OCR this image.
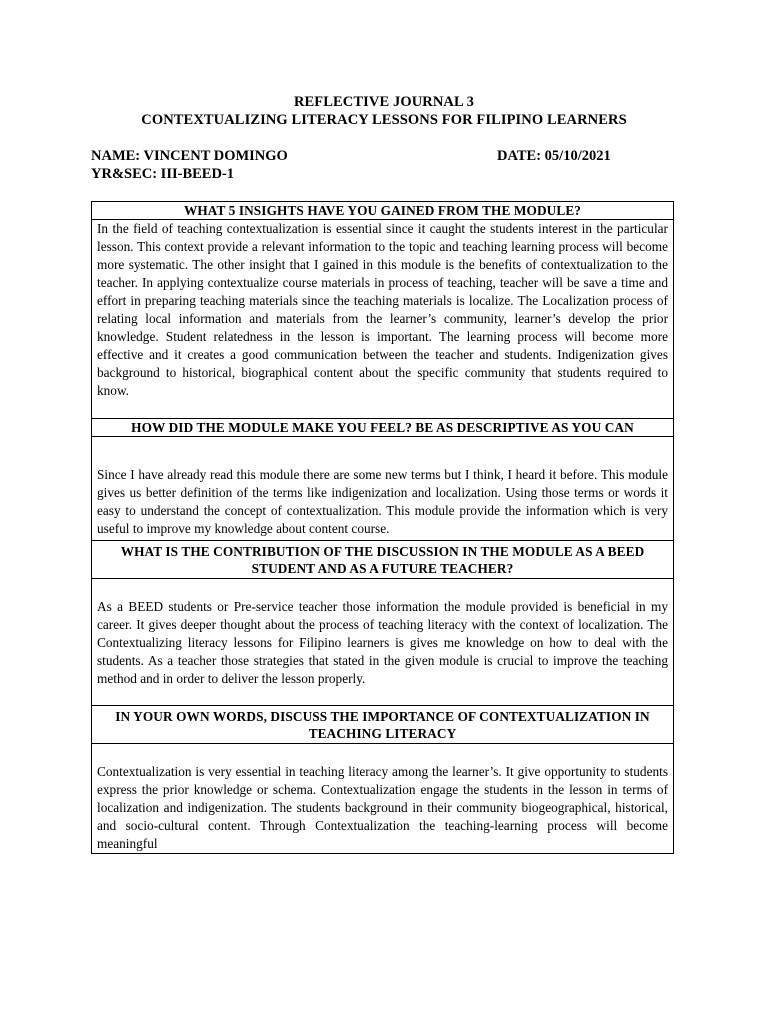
REFLECTIVE JOURNAL 3
CONTEXTUALIZING LITERACY LESSONS FOR FILIPINO LEARNERS
NAME: VINCENT DOMINGO	DATE: 05/10/2021
YR&SEC: III-BEED-1
WHAT 5 INSIGHTS HAVE YOU GAINED FROM THE MODULE?
In the field of teaching contextualization is essential since it caught the students interest in the particular lesson. This context provide a relevant information to the topic and teaching learning process will become more systematic. The other insight that I gained in this module is the benefits of contextualization to the teacher. In applying contextualize course materials in process of teaching, teacher will be save a time and effort in preparing teaching materials since the teaching materials is localize. The Localization process of relating local information and materials from the learner’s community, learner’s develop the prior knowledge. Student relatedness in the lesson is important. The learning process will become more effective and it creates a good communication between the teacher and students. Indigenization gives background to historical, biographical content about the specific community that students required to know.
HOW DID THE MODULE MAKE YOU FEEL? BE AS DESCRIPTIVE AS YOU CAN
Since I have already read this module there are some new terms but I think, I heard it before. This module gives us better definition of the terms like indigenization and localization. Using those terms or words it easy to understand the concept of contextualization. This module provide the information which is very useful to improve my knowledge about content course.
WHAT IS THE CONTRIBUTION OF THE DISCUSSION IN THE MODULE AS A BEED STUDENT AND AS A FUTURE TEACHER?
As a BEED students or Pre-service teacher those information the module provided is beneficial in my career. It gives deeper thought about the process of teaching literacy with the context of localization. The Contextualizing literacy lessons for Filipino learners is gives me knowledge on how to deal with the students. As a teacher those strategies that stated in the given module is crucial to improve the teaching method and in order to deliver the lesson properly.
IN YOUR OWN WORDS, DISCUSS THE IMPORTANCE OF CONTEXTUALIZATION IN TEACHING LITERACY
Contextualization is very essential in teaching literacy among the learner’s. It give opportunity to students express the prior knowledge or schema. Contextualization engage the students in the lesson in terms of localization and indigenization. The students background in their community biogeographical, historical, and socio-cultural content. Through Contextualization the teaching-learning process will become meaningful
